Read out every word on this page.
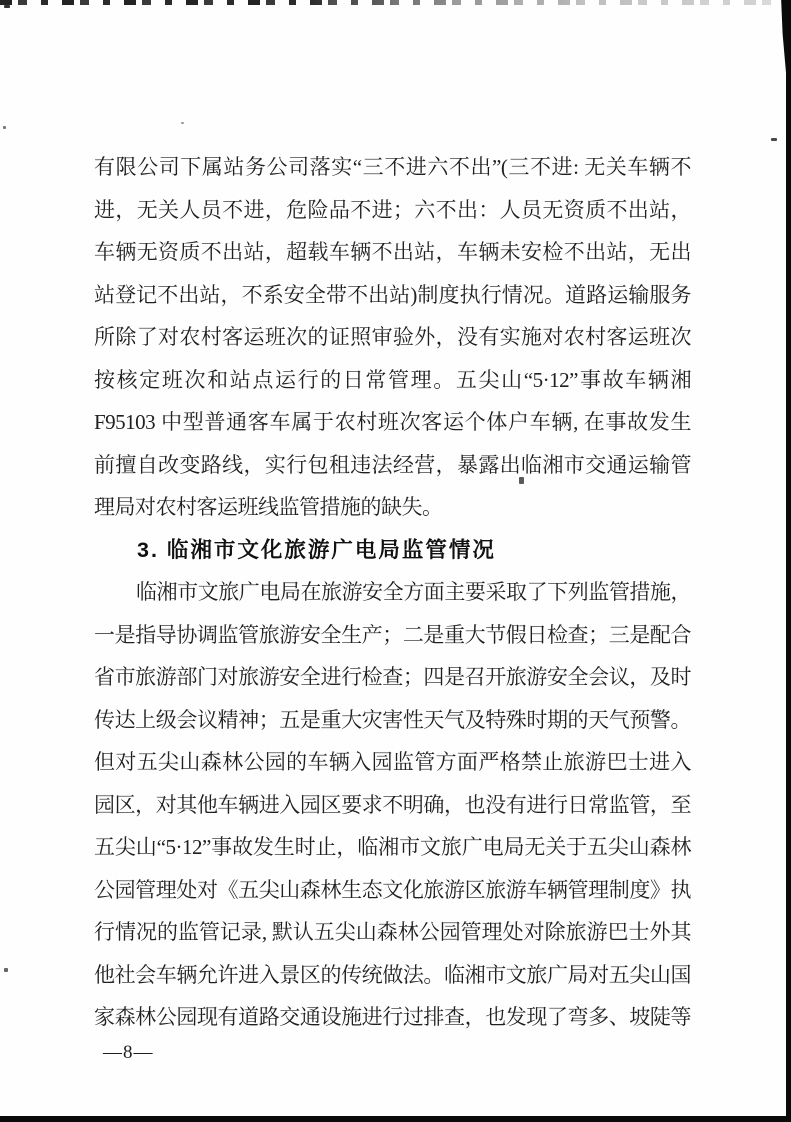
有限公司下属站务公司落实“三不进六不出”(三不进: 无关车辆不
进，无关人员不进，危险品不进；六不出：人员无资质不出站，
车辆无资质不出站，超载车辆不出站，车辆未安检不出站，无出
站登记不出站，不系安全带不出站)制度执行情况。道路运输服务
所除了对农村客运班次的证照审验外，没有实施对农村客运班次
按核定班次和站点运行的日常管理。五尖山“5·12”事故车辆湘
F95103 中型普通客车属于农村班次客运个体户车辆, 在事故发生
前擅自改变路线，实行包租违法经营，暴露出临湘市交通运输管
理局对农村客运班线监管措施的缺失。
3. 临湘市文化旅游广电局监管情况
临湘市文旅广电局在旅游安全方面主要采取了下列监管措施，
一是指导协调监管旅游安全生产；二是重大节假日检查；三是配合
省市旅游部门对旅游安全进行检查；四是召开旅游安全会议，及时
传达上级会议精神；五是重大灾害性天气及特殊时期的天气预警。
但对五尖山森林公园的车辆入园监管方面严格禁止旅游巴士进入
园区，对其他车辆进入园区要求不明确，也没有进行日常监管，至
五尖山“5·12”事故发生时止，临湘市文旅广电局无关于五尖山森林
公园管理处对《五尖山森林生态文化旅游区旅游车辆管理制度》执
行情况的监管记录, 默认五尖山森林公园管理处对除旅游巴士外其
他社会车辆允许进入景区的传统做法。临湘市文旅广局对五尖山国
家森林公园现有道路交通设施进行过排查，也发现了弯多、坡陡等
—8—
